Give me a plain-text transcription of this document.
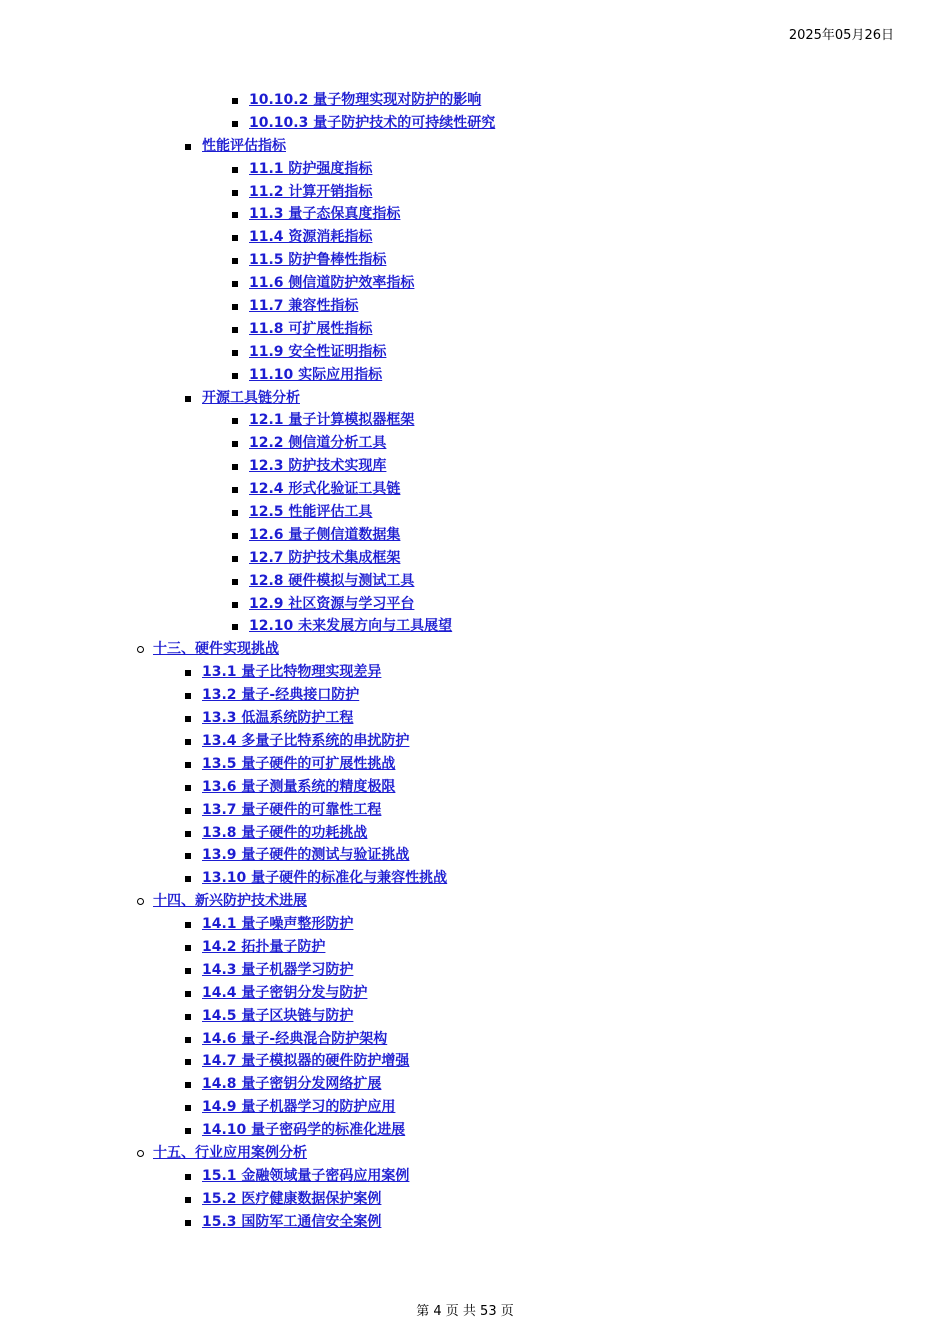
2025年05月26日
10.10.2 量子物理实现对防护的影响
10.10.3 量子防护技术的可持续性研究
性能评估指标
11.1 防护强度指标
11.2 计算开销指标
11.3 量子态保真度指标
11.4 资源消耗指标
11.5 防护鲁棒性指标
11.6 侧信道防护效率指标
11.7 兼容性指标
11.8 可扩展性指标
11.9 安全性证明指标
11.10 实际应用指标
开源工具链分析
12.1 量子计算模拟器框架
12.2 侧信道分析工具
12.3 防护技术实现库
12.4 形式化验证工具链
12.5 性能评估工具
12.6 量子侧信道数据集
12.7 防护技术集成框架
12.8 硬件模拟与测试工具
12.9 社区资源与学习平台
12.10 未来发展方向与工具展望
十三、硬件实现挑战
13.1 量子比特物理实现差异
13.2 量子-经典接口防护
13.3 低温系统防护工程
13.4 多量子比特系统的串扰防护
13.5 量子硬件的可扩展性挑战
13.6 量子测量系统的精度极限
13.7 量子硬件的可靠性工程
13.8 量子硬件的功耗挑战
13.9 量子硬件的测试与验证挑战
13.10 量子硬件的标准化与兼容性挑战
十四、新兴防护技术进展
14.1 量子噪声整形防护
14.2 拓扑量子防护
14.3 量子机器学习防护
14.4 量子密钥分发与防护
14.5 量子区块链与防护
14.6 量子-经典混合防护架构
14.7 量子模拟器的硬件防护增强
14.8 量子密钥分发网络扩展
14.9 量子机器学习的防护应用
14.10 量子密码学的标准化进展
十五、行业应用案例分析
15.1 金融领域量子密码应用案例
15.2 医疗健康数据保护案例
15.3 国防军工通信安全案例
第 4 页 共 53 页
